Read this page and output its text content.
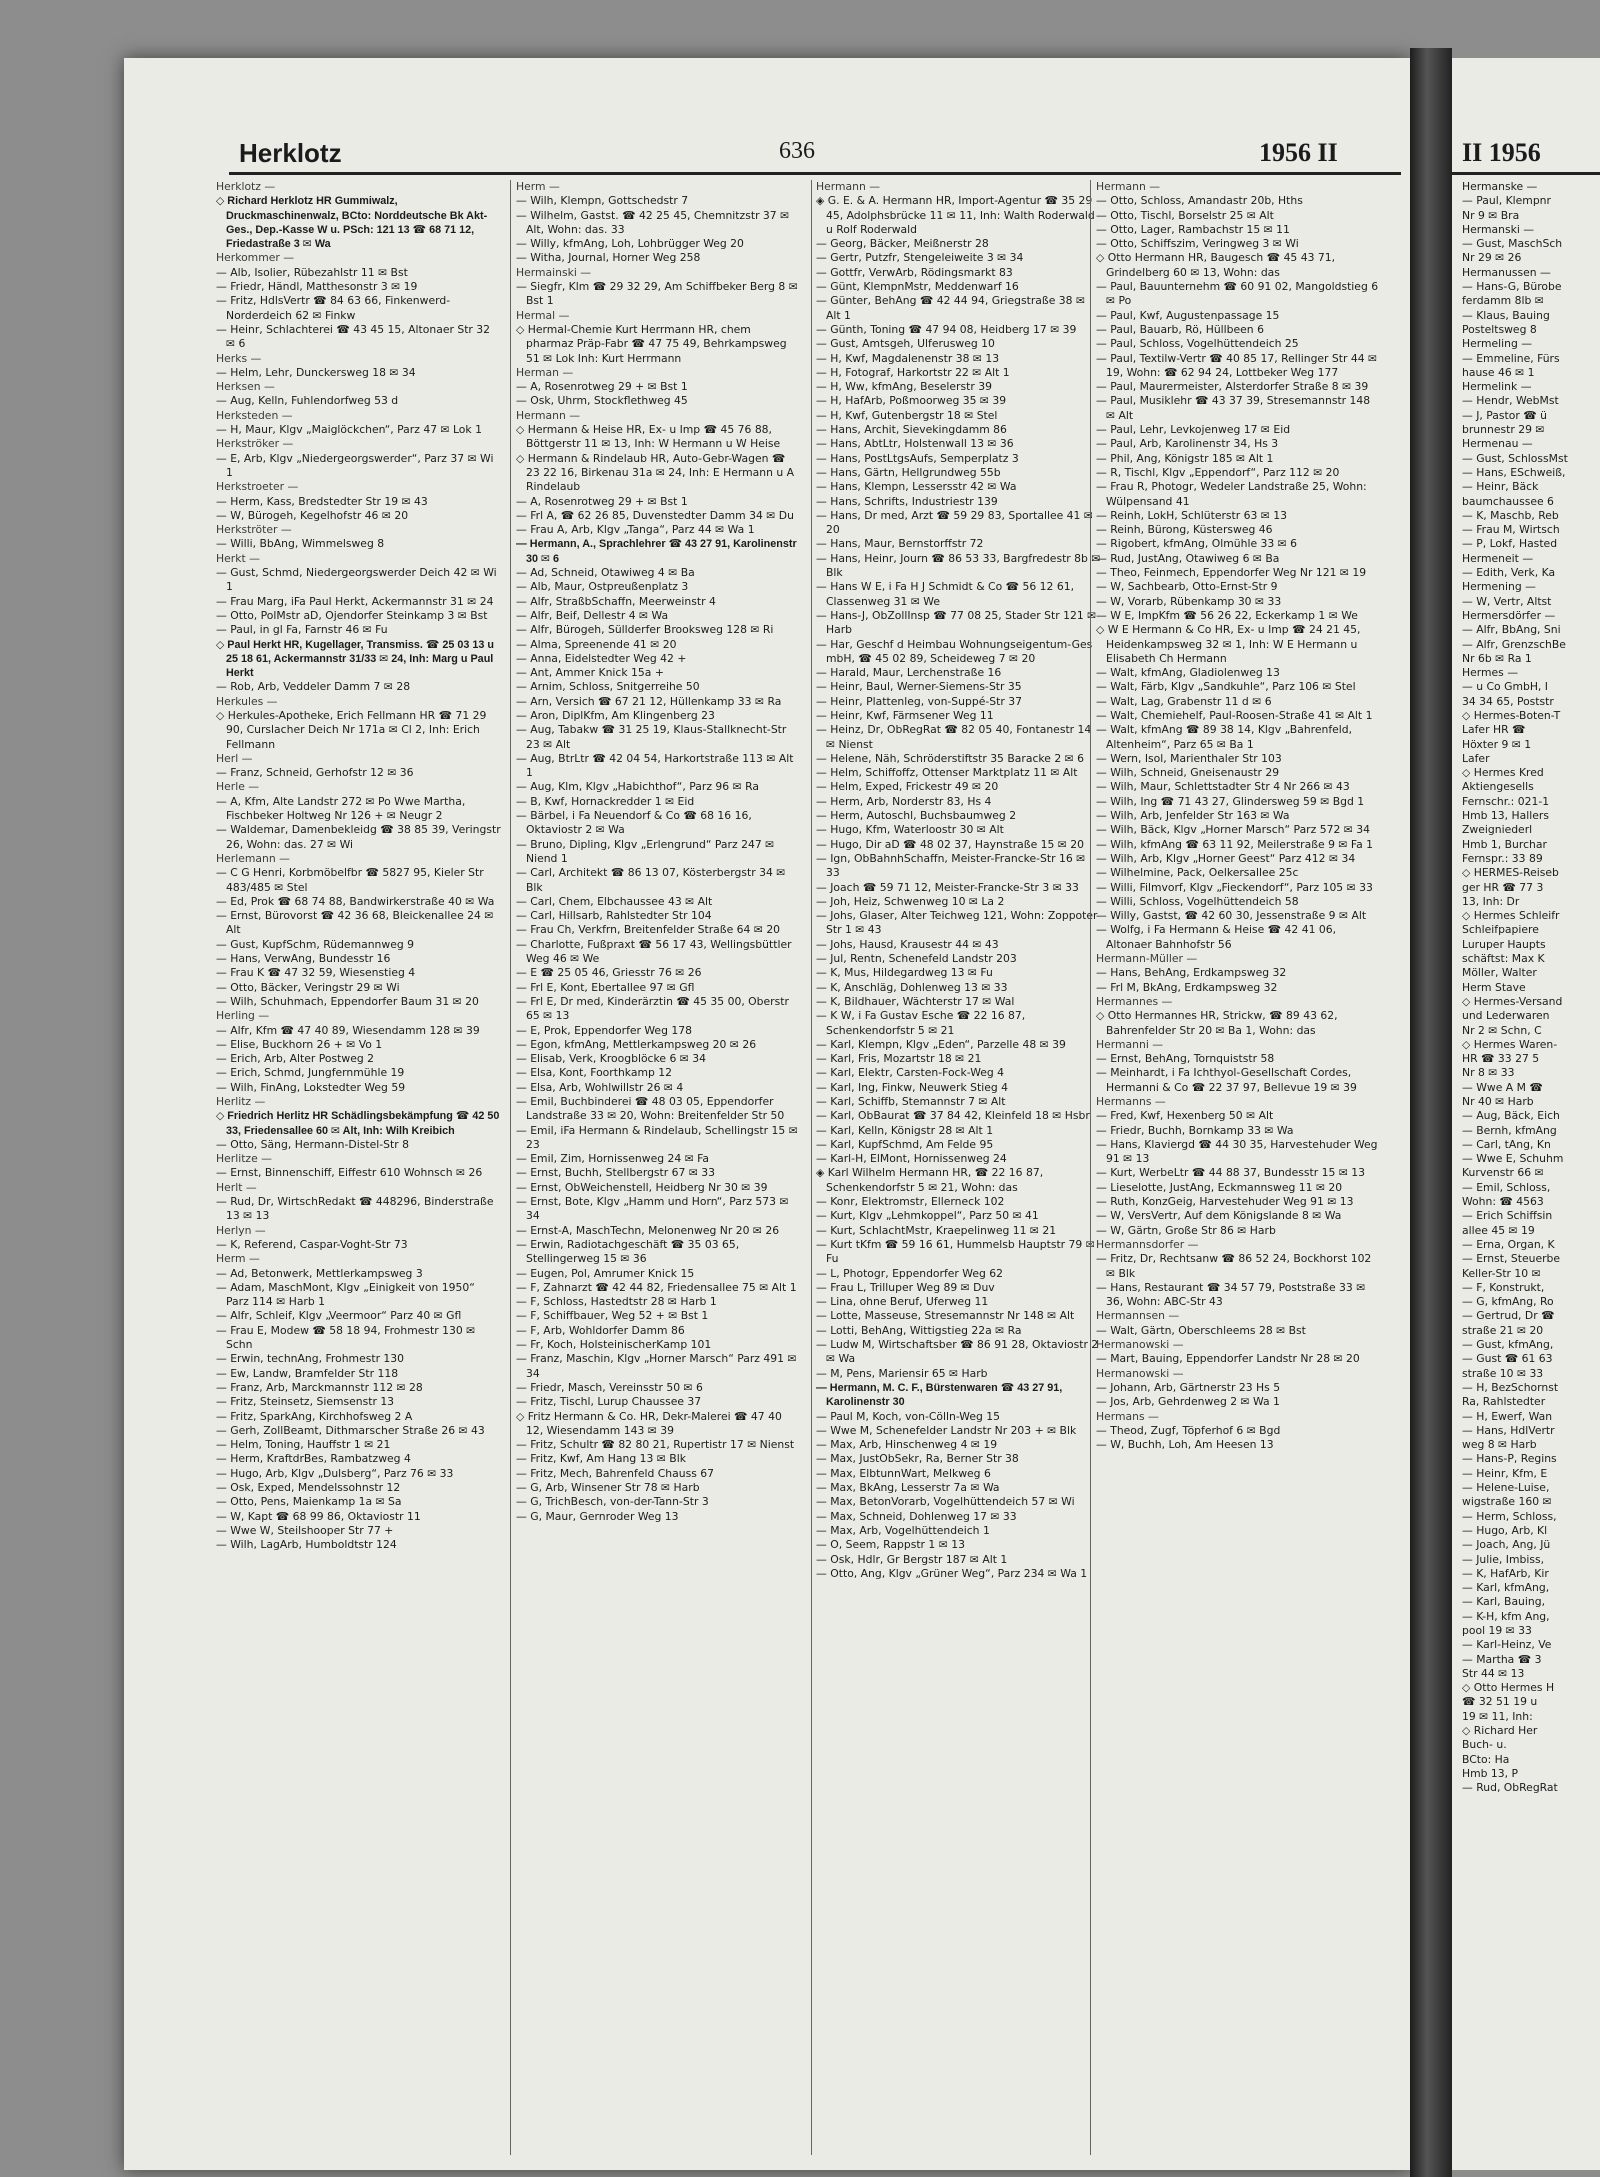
Herklotz	636	1956 II
Herklotz —
◇ Richard Herklotz HR Gummiwalz, Druckmaschinenwalz, BCto: Norddeutsche Bk Akt-Ges., Dep.-Kasse W u. PSch: 121 13 ☎ 68 71 12, Friedastraße 3 ✉ Wa
Herkommer —
— Alb, Isolier, Rübezahlstr 11 ✉ Bst
— Friedr, Händl, Matthesonstr 3 ✉ 19
— Fritz, HdlsVertr ☎ 84 63 66, Finkenwerd-Norderdeich 62 ✉ Finkw
— Heinr, Schlachterei ☎ 43 45 15, Altonaer Str 32 ✉ 6
Herks —
— Helm, Lehr, Dunckersweg 18 ✉ 34
Herksen —
— Aug, Kelln, Fuhlendorfweg 53 d
Herksteden —
— H, Maur, Klgv „Maiglöckchen“, Parz 47 ✉ Lok 1
Herkströker —
— E, Arb, Klgv „Niedergeorgswerder“, Parz 37 ✉ Wi 1
Herkstroeter —
— Herm, Kass, Bredstedter Str 19 ✉ 43
— W, Bürogeh, Kegelhofstr 46 ✉ 20
Herkströter —
— Willi, BbAng, Wimmelsweg 8
Herkt —
— Gust, Schmd, Niedergeorgswerder Deich 42 ✉ Wi 1
— Frau Marg, iFa Paul Herkt, Ackermannstr 31 ✉ 24
— Otto, PolMstr aD, Ojendorfer Steinkamp 3 ✉ Bst
— Paul, in gl Fa, Farnstr 46 ✉ Fu
◇ Paul Herkt HR, Kugellager, Transmiss. ☎ 25 03 13 u 25 18 61, Ackermannstr 31/33 ✉ 24, Inh: Marg u Paul Herkt
— Rob, Arb, Veddeler Damm 7 ✉ 28
Herkules —
◇ Herkules-Apotheke, Erich Fellmann HR ☎ 71 29 90, Curslacher Deich Nr 171a ✉ Cl 2, Inh: Erich Fellmann
Herl —
— Franz, Schneid, Gerhofstr 12 ✉ 36
Herle —
— A, Kfm, Alte Landstr 272 ✉ Po Wwe Martha, Fischbeker Holtweg Nr 126 + ✉ Neugr 2
— Waldemar, Damenbekleidg ☎ 38 85 39, Veringstr 26, Wohn: das. 27 ✉ Wi
Herlemann —
— C G Henri, Korbmöbelfbr ☎ 5827 95, Kieler Str 483/485 ✉ Stel
— Ed, Prok ☎ 68 74 88, Bandwirkerstraße 40 ✉ Wa
— Ernst, Bürovorst ☎ 42 36 68, Bleickenallee 24 ✉ Alt
— Gust, KupfSchm, Rüdemannweg 9
— Hans, VerwAng, Bundesstr 16
— Frau K ☎ 47 32 59, Wiesenstieg 4
— Otto, Bäcker, Veringstr 29 ✉ Wi
— Wilh, Schuhmach, Eppendorfer Baum 31 ✉ 20
Herling —
— Alfr, Kfm ☎ 47 40 89, Wiesendamm 128 ✉ 39
— Elise, Buckhorn 26 + ✉ Vo 1
— Erich, Arb, Alter Postweg 2
— Erich, Schmd, Jungfernmühle 19
— Wilh, FinAng, Lokstedter Weg 59
Herlitz —
◇ Friedrich Herlitz HR Schädlingsbekämpfung ☎ 42 50 33, Friedensallee 60 ✉ Alt, Inh: Wilh Kreibich
— Otto, Säng, Hermann-Distel-Str 8
Herlitze —
— Ernst, Binnenschiff, Eiffestr 610 Wohnsch ✉ 26
Herlt —
— Rud, Dr, WirtschRedakt ☎ 448296, Binderstraße 13 ✉ 13
Herlyn —
— K, Referend, Caspar-Voght-Str 73
Herm —
— Ad, Betonwerk, Mettlerkampsweg 3
— Adam, MaschMont, Klgv „Einigkeit von 1950“ Parz 114 ✉ Harb 1
— Alfr, Schleif, Klgv „Veermoor“ Parz 40 ✉ Gfl
— Frau E, Modew ☎ 58 18 94, Frohmestr 130 ✉ Schn
— Erwin, technAng, Frohmestr 130
— Ew, Landw, Bramfelder Str 118
— Franz, Arb, Marckmannstr 112 ✉ 28
— Fritz, Steinsetz, Siemsenstr 13
— Fritz, SparkAng, Kirchhofsweg 2 A
— Gerh, ZollBeamt, Dithmarscher Straße 26 ✉ 43
— Helm, Toning, Hauffstr 1 ✉ 21
— Herm, KraftdrBes, Rambatzweg 4
— Hugo, Arb, Klgv „Dulsberg“, Parz 76 ✉ 33
— Osk, Exped, Mendelssohnstr 12
— Otto, Pens, Maienkamp 1a ✉ Sa
— W, Kapt ☎ 68 99 86, Oktaviostr 11
— Wwe W, Steilshooper Str 77 +
— Wilh, LagArb, Humboldtstr 124
Herm —
— Wilh, Klempn, Gottschedstr 7
— Wilhelm, Gastst. ☎ 42 25 45, Chemnitzstr 37 ✉ Alt, Wohn: das. 33
— Willy, kfmAng, Loh, Lohbrügger Weg 20
— Witha, Journal, Horner Weg 258
Hermainski —
— Siegfr, Klm ☎ 29 32 29, Am Schiffbeker Berg 8 ✉ Bst 1
Hermal —
◇ Hermal-Chemie Kurt Herrmann HR, chem pharmaz Präp-Fabr ☎ 47 75 49, Behrkampsweg 51 ✉ Lok Inh: Kurt Herrmann
Herman —
— A, Rosenrotweg 29 + ✉ Bst 1
— Osk, Uhrm, Stockflethweg 45
Hermann —
◇ Hermann & Heise HR, Ex- u Imp ☎ 45 76 88, Böttgerstr 11 ✉ 13, Inh: W Hermann u W Heise
◇ Hermann & Rindelaub HR, Auto-Gebr-Wagen ☎ 23 22 16, Birkenau 31a ✉ 24, Inh: E Hermann u A Rindelaub
— A, Rosenrotweg 29 + ✉ Bst 1
— Frl A, ☎ 62 26 85, Duvenstedter Damm 34 ✉ Du
— Frau A, Arb, Klgv „Tanga“, Parz 44 ✉ Wa 1
— Hermann, A., Sprachlehrer ☎ 43 27 91, Karolinenstr 30 ✉ 6
— Ad, Schneid, Otawiweg 4 ✉ Ba
— Alb, Maur, Ostpreußenplatz 3
— Alfr, StraßbSchaffn, Meerweinstr 4
— Alfr, Beif, Dellestr 4 ✉ Wa
— Alfr, Bürogeh, Süllderfer Brooksweg 128 ✉ Ri
— Alma, Spreenende 41 ✉ 20
— Anna, Eidelstedter Weg 42 +
— Ant, Ammer Knick 15a +
— Arnim, Schloss, Snitgerreihe 50
— Arn, Versich ☎ 67 21 12, Hüllenkamp 33 ✉ Ra
— Aron, DiplKfm, Am Klingenberg 23
— Aug, Tabakw ☎ 31 25 19, Klaus-Stallknecht-Str 23 ✉ Alt
— Aug, BtrLtr ☎ 42 04 54, Harkortstraße 113 ✉ Alt 1
— Aug, Klm, Klgv „Habichthof“, Parz 96 ✉ Ra
— B, Kwf, Hornackredder 1 ✉ Eid
— Bärbel, i Fa Neuendorf & Co ☎ 68 16 16, Oktaviostr 2 ✉ Wa
— Bruno, Dipling, Klgv „Erlengrund“ Parz 247 ✉ Niend 1
— Carl, Architekt ☎ 86 13 07, Kösterbergstr 34 ✉ Blk
— Carl, Chem, Elbchaussee 43 ✉ Alt
— Carl, Hillsarb, Rahlstedter Str 104
— Frau Ch, Verkfrn, Breitenfelder Straße 64 ✉ 20
— Charlotte, Fußpraxt ☎ 56 17 43, Wellingsbüttler Weg 46 ✉ We
— E ☎ 25 05 46, Griesstr 76 ✉ 26
— Frl E, Kont, Ebertallee 97 ✉ Gfl
— Frl E, Dr med, Kinderärztin ☎ 45 35 00, Oberstr 65 ✉ 13
— E, Prok, Eppendorfer Weg 178
— Egon, kfmAng, Mettlerkampsweg 20 ✉ 26
— Elisab, Verk, Kroogblöcke 6 ✉ 34
— Elsa, Kont, Foorthkamp 12
— Elsa, Arb, Wohlwillstr 26 ✉ 4
— Emil, Buchbinderei ☎ 48 03 05, Eppendorfer Landstraße 33 ✉ 20, Wohn: Breitenfelder Str 50
— Emil, iFa Hermann & Rindelaub, Schellingstr 15 ✉ 23
— Emil, Zim, Hornissenweg 24 ✉ Fa
— Ernst, Buchh, Stellbergstr 67 ✉ 33
— Ernst, ObWeichenstell, Heidberg Nr 30 ✉ 39
— Ernst, Bote, Klgv „Hamm und Horn“, Parz 573 ✉ 34
— Ernst-A, MaschTechn, Melonenweg Nr 20 ✉ 26
— Erwin, Radiotachgeschäft ☎ 35 03 65, Stellingerweg 15 ✉ 36
— Eugen, Pol, Amrumer Knick 15
— F, Zahnarzt ☎ 42 44 82, Friedensallee 75 ✉ Alt 1
— F, Schloss, Hastedtstr 28 ✉ Harb 1
— F, Schiffbauer, Weg 52 + ✉ Bst 1
— F, Arb, Wohldorfer Damm 86
— Fr, Koch, HolsteinischerKamp 101
— Franz, Maschin, Klgv „Horner Marsch“ Parz 491 ✉ 34
— Friedr, Masch, Vereinsstr 50 ✉ 6
— Fritz, Tischl, Lurup Chaussee 37
◇ Fritz Hermann & Co. HR, Dekr-Malerei ☎ 47 40 12, Wiesendamm 143 ✉ 39
— Fritz, Schultr ☎ 82 80 21, Rupertistr 17 ✉ Nienst
— Fritz, Kwf, Am Hang 13 ✉ Blk
— Fritz, Mech, Bahrenfeld Chauss 67
— G, Arb, Winsener Str 78 ✉ Harb
— G, TrichBesch, von-der-Tann-Str 3
— G, Maur, Gernroder Weg 13
Hermann —
◈ G. E. & A. Hermann HR, Import-Agentur ☎ 35 29 45, Adolphsbrücke 11 ✉ 11, Inh: Walth Roderwald u Rolf Roderwald
— Georg, Bäcker, Meißnerstr 28
— Gertr, Putzfr, Stengeleiweite 3 ✉ 34
— Gottfr, VerwArb, Rödingsmarkt 83
— Günt, KlempnMstr, Meddenwarf 16
— Günter, BehAng ☎ 42 44 94, Griegstraße 38 ✉ Alt 1
— Günth, Toning ☎ 47 94 08, Heidberg 17 ✉ 39
— Gust, Amtsgeh, Ulferusweg 10
— H, Kwf, Magdalenenstr 38 ✉ 13
— H, Fotograf, Harkortstr 22 ✉ Alt 1
— H, Ww, kfmAng, Beselerstr 39
— H, HafArb, Poßmoorweg 35 ✉ 39
— H, Kwf, Gutenbergstr 18 ✉ Stel
— Hans, Archit, Sievekingdamm 86
— Hans, AbtLtr, Holstenwall 13 ✉ 36
— Hans, PostLtgsAufs, Semperplatz 3
— Hans, Gärtn, Hellgrundweg 55b
— Hans, Klempn, Lessersstr 42 ✉ Wa
— Hans, Schrifts, Industriestr 139
— Hans, Dr med, Arzt ☎ 59 29 83, Sportallee 41 ✉ 20
— Hans, Maur, Bernstorffstr 72
— Hans, Heinr, Journ ☎ 86 53 33, Bargfredestr 8b ✉ Blk
— Hans W E, i Fa H J Schmidt & Co ☎ 56 12 61, Classenweg 31 ✉ We
— Hans-J, ObZollInsp ☎ 77 08 25, Stader Str 121 ✉ Harb
— Har, Geschf d Heimbau Wohnungseigentum-Ges mbH, ☎ 45 02 89, Scheideweg 7 ✉ 20
— Harald, Maur, Lerchenstraße 16
— Heinr, Baul, Werner-Siemens-Str 35
— Heinr, Plattenleg, von-Suppé-Str 37
— Heinr, Kwf, Färmsener Weg 11
— Heinz, Dr, ObRegRat ☎ 82 05 40, Fontanestr 14 ✉ Nienst
— Helene, Näh, Schröderstiftstr 35 Baracke 2 ✉ 6
— Helm, Schiffoffz, Ottenser Marktplatz 11 ✉ Alt
— Helm, Exped, Frickestr 49 ✉ 20
— Herm, Arb, Norderstr 83, Hs 4
— Herm, Autoschl, Buchsbaumweg 2
— Hugo, Kfm, Waterloostr 30 ✉ Alt
— Hugo, Dir aD ☎ 48 02 37, Haynstraße 15 ✉ 20
— Ign, ObBahnhSchaffn, Meister-Francke-Str 16 ✉ 33
— Joach ☎ 59 71 12, Meister-Francke-Str 3 ✉ 33
— Joh, Heiz, Schwenweg 10 ✉ La 2
— Johs, Glaser, Alter Teichweg 121, Wohn: Zoppoter Str 1 ✉ 43
— Johs, Hausd, Krausestr 44 ✉ 43
— Jul, Rentn, Schenefeld Landstr 203
— K, Mus, Hildegardweg 13 ✉ Fu
— K, Anschläg, Dohlenweg 13 ✉ 33
— K, Bildhauer, Wächterstr 17 ✉ Wal
— K W, i Fa Gustav Esche ☎ 22 16 87, Schenkendorfstr 5 ✉ 21
— Karl, Klempn, Klgv „Eden“, Parzelle 48 ✉ 39
— Karl, Fris, Mozartstr 18 ✉ 21
— Karl, Elektr, Carsten-Fock-Weg 4
— Karl, Ing, Finkw, Neuwerk Stieg 4
— Karl, Schiffb, Stemannstr 7 ✉ Alt
— Karl, ObBaurat ☎ 37 84 42, Kleinfeld 18 ✉ Hsbr
— Karl, Kelln, Königstr 28 ✉ Alt 1
— Karl, KupfSchmd, Am Felde 95
— Karl-H, ElMont, Hornissenweg 24
◈ Karl Wilhelm Hermann HR, ☎ 22 16 87, Schenkendorfstr 5 ✉ 21, Wohn: das
— Konr, Elektromstr, Ellerneck 102
— Kurt, Klgv „Lehmkoppel“, Parz 50 ✉ 41
— Kurt, SchlachtMstr, Kraepelinweg 11 ✉ 21
— Kurt tKfm ☎ 59 16 61, Hummelsb Hauptstr 79 ✉ Fu
— L, Photogr, Eppendorfer Weg 62
— Frau L, Trilluper Weg 89 ✉ Duv
— Lina, ohne Beruf, Uferweg 11
— Lotte, Masseuse, Stresemannstr Nr 148 ✉ Alt
— Lotti, BehAng, Wittigstieg 22a ✉ Ra
— Ludw M, Wirtschaftsber ☎ 86 91 28, Oktaviostr 2 ✉ Wa
— M, Pens, Mariensir 65 ✉ Harb
— Hermann, M. C. F., Bürstenwaren ☎ 43 27 91, Karolinenstr 30
— Paul M, Koch, von-Cölln-Weg 15
— Wwe M, Schenefelder Landstr Nr 203 + ✉ Blk
— Max, Arb, Hinschenweg 4 ✉ 19
— Max, JustObSekr, Ra, Berner Str 38
— Max, ElbtunnWart, Melkweg 6
— Max, BkAng, Lesserstr 7a ✉ Wa
— Max, BetonVorarb, Vogelhüttendeich 57 ✉ Wi
— Max, Schneid, Dohlenweg 17 ✉ 33
— Max, Arb, Vogelhüttendeich 1
— O, Seem, Rappstr 1 ✉ 13
— Osk, Hdlr, Gr Bergstr 187 ✉ Alt 1
— Otto, Ang, Klgv „Grüner Weg“, Parz 234 ✉ Wa 1
Hermann —
— Otto, Schloss, Amandastr 20b, Hths
— Otto, Tischl, Borselstr 25 ✉ Alt
— Otto, Lager, Rambachstr 15 ✉ 11
— Otto, Schiffszim, Veringweg 3 ✉ Wi
◇ Otto Hermann HR, Baugesch ☎ 45 43 71, Grindelberg 60 ✉ 13, Wohn: das
— Paul, Bauunternehm ☎ 60 91 02, Mangoldstieg 6 ✉ Po
— Paul, Kwf, Augustenpassage 15
— Paul, Bauarb, Rö, Hüllbeen 6
— Paul, Schloss, Vogelhüttendeich 25
— Paul, Textilw-Vertr ☎ 40 85 17, Rellinger Str 44 ✉ 19, Wohn: ☎ 62 94 24, Lottbeker Weg 177
— Paul, Maurermeister, Alsterdorfer Straße 8 ✉ 39
— Paul, Musiklehr ☎ 43 37 39, Stresemannstr 148 ✉ Alt
— Paul, Lehr, Levkojenweg 17 ✉ Eid
— Paul, Arb, Karolinenstr 34, Hs 3
— Phil, Ang, Königstr 185 ✉ Alt 1
— R, Tischl, Klgv „Eppendorf“, Parz 112 ✉ 20
— Frau R, Photogr, Wedeler Landstraße 25, Wohn: Wülpensand 41
— Reinh, LokH, Schlüterstr 63 ✉ 13
— Reinh, Bürong, Küstersweg 46
— Rigobert, kfmAng, Olmühle 33 ✉ 6
— Rud, JustAng, Otawiweg 6 ✉ Ba
— Theo, Feinmech, Eppendorfer Weg Nr 121 ✉ 19
— W, Sachbearb, Otto-Ernst-Str 9
— W, Vorarb, Rübenkamp 30 ✉ 33
— W E, ImpKfm ☎ 56 26 22, Eckerkamp 1 ✉ We
◇ W E Hermann & Co HR, Ex- u Imp ☎ 24 21 45, Heidenkampsweg 32 ✉ 1, Inh: W E Hermann u Elisabeth Ch Hermann
— Walt, kfmAng, Gladiolenweg 13
— Walt, Färb, Klgv „Sandkuhle“, Parz 106 ✉ Stel
— Walt, Lag, Grabenstr 11 d ✉ 6
— Walt, Chemiehelf, Paul-Roosen-Straße 41 ✉ Alt 1
— Walt, kfmAng ☎ 89 38 14, Klgv „Bahrenfeld, Altenheim“, Parz 65 ✉ Ba 1
— Wern, Isol, Marienthaler Str 103
— Wilh, Schneid, Gneisenaustr 29
— Wilh, Maur, Schlettstadter Str 4 Nr 266 ✉ 43
— Wilh, Ing ☎ 71 43 27, Glindersweg 59 ✉ Bgd 1
— Wilh, Arb, Jenfelder Str 163 ✉ Wa
— Wilh, Bäck, Klgv „Horner Marsch“ Parz 572 ✉ 34
— Wilh, kfmAng ☎ 63 11 92, Meilerstraße 9 ✉ Fa 1
— Wilh, Arb, Klgv „Horner Geest“ Parz 412 ✉ 34
— Wilhelmine, Pack, Oelkersallee 25c
— Willi, Filmvorf, Klgv „Fieckendorf“, Parz 105 ✉ 33
— Willi, Schloss, Vogelhüttendeich 58
— Willy, Gastst, ☎ 42 60 30, Jessenstraße 9 ✉ Alt
— Wolfg, i Fa Hermann & Heise ☎ 42 41 06, Altonaer Bahnhofstr 56
Hermann-Müller —
— Hans, BehAng, Erdkampsweg 32
— Frl M, BkAng, Erdkampsweg 32
Hermannes —
◇ Otto Hermannes HR, Strickw, ☎ 89 43 62, Bahrenfelder Str 20 ✉ Ba 1, Wohn: das
Hermanni —
— Ernst, BehAng, Tornquiststr 58
— Meinhardt, i Fa Ichthyol-Gesellschaft Cordes, Hermanni & Co ☎ 22 37 97, Bellevue 19 ✉ 39
Hermanns —
— Fred, Kwf, Hexenberg 50 ✉ Alt
— Friedr, Buchh, Bornkamp 33 ✉ Wa
— Hans, Klaviergd ☎ 44 30 35, Harvestehuder Weg 91 ✉ 13
— Kurt, WerbeLtr ☎ 44 88 37, Bundesstr 15 ✉ 13
— Lieselotte, JustAng, Eckmannsweg 11 ✉ 20
— Ruth, KonzGeig, Harvestehuder Weg 91 ✉ 13
— W, VersVertr, Auf dem Königslande 8 ✉ Wa
— W, Gärtn, Große Str 86 ✉ Harb
Hermannsdorfer —
— Fritz, Dr, Rechtsanw ☎ 86 52 24, Bockhorst 102 ✉ Blk
— Hans, Restaurant ☎ 34 57 79, Poststraße 33 ✉ 36, Wohn: ABC-Str 43
Hermannsen —
— Walt, Gärtn, Oberschleems 28 ✉ Bst
Hermanowski —
— Mart, Bauing, Eppendorfer Landstr Nr 28 ✉ 20
Hermanowski —
— Johann, Arb, Gärtnerstr 23 Hs 5
— Jos, Arb, Gehrdenweg 2 ✉ Wa 1
Hermans —
— Theod, Zugf, Töpferhof 6 ✉ Bgd
— W, Buchh, Loh, Am Heesen 13
II 1956
Hermanske —
— Paul, Klempnr
Nr 9 ✉ Bra
Hermanski —
— Gust, MaschSch
Nr 29 ✉ 26
Hermanussen —
— Hans-G, Bürobe
ferdamm 8lb ✉
— Klaus, Bauing
Posteltsweg 8
Hermeling —
— Emmeline, Fürs
hause 46 ✉ 1
Hermelink —
— Hendr, WebMst
— J, Pastor ☎ ü
brunnestr 29 ✉
Hermenau —
— Gust, SchlossMst
— Hans, ESchweiß,
— Heinr, Bäck
baumchaussee 6
— K, Maschb, Reb
— Frau M, Wirtsch
— P, Lokf, Hasted
Hermeneit —
— Edith, Verk, Ka
Hermening —
— W, Vertr, Altst
Hermersdörfer —
— Alfr, BbAng, Sni
— Alfr, GrenzschBe
Nr 6b ✉ Ra 1
Hermes —
— u Co GmbH, I
34 34 65, Poststr
◇ Hermes-Boten-T
Lafer HR ☎
Höxter 9 ✉ 1
Lafer
◇ Hermes Kred
Aktiengesells
Fernschr.: 021-1
Hmb 13, Hallers
Zweigniederl
Hmb 1, Burchar
Fernspr.: 33 89
◇ HERMES-Reiseb
ger HR ☎ 77 3
13, Inh: Dr
◇ Hermes Schleifr
Schleifpapiere
Luruper Haupts
schäftst: Max K
Möller, Walter
Herm Stave
◇ Hermes-Versand
und Lederwaren
Nr 2 ✉ Schn, C
◇ Hermes Waren-
HR ☎ 33 27 5
Nr 8 ✉ 33
— Wwe A M ☎
Nr 40 ✉ Harb
— Aug, Bäck, Eich
— Bernh, kfmAng
— Carl, tAng, Kn
— Wwe E, Schuhm
Kurvenstr 66 ✉
— Emil, Schloss,
Wohn: ☎ 4563
— Erich Schiffsin
allee 45 ✉ 19
— Erna, Organ, K
— Ernst, Steuerbe
Keller-Str 10 ✉
— F, Konstrukt,
— G, kfmAng, Ro
— Gertrud, Dr ☎
straße 21 ✉ 20
— Gust, kfmAng,
— Gust ☎ 61 63
straße 10 ✉ 33
— H, BezSchornst
Ra, Rahlstedter
— H, Ewerf, Wan
— Hans, HdlVertr
weg 8 ✉ Harb
— Hans-P, Regins
— Heinr, Kfm, E
— Helene-Luise,
wigstraße 160 ✉
— Herm, Schloss,
— Hugo, Arb, Kl
— Joach, Ang, Jü
— Julie, Imbiss,
— K, HafArb, Kir
— Karl, kfmAng,
— Karl, Bauing,
— K-H, kfm Ang,
pool 19 ✉ 33
— Karl-Heinz, Ve
— Martha ☎ 3
Str 44 ✉ 13
◇ Otto Hermes H
☎ 32 51 19 u
19 ✉ 11, Inh:
◇ Richard Her
Buch- u.
BCto: Ha
Hmb 13, P
— Rud, ObRegRat
